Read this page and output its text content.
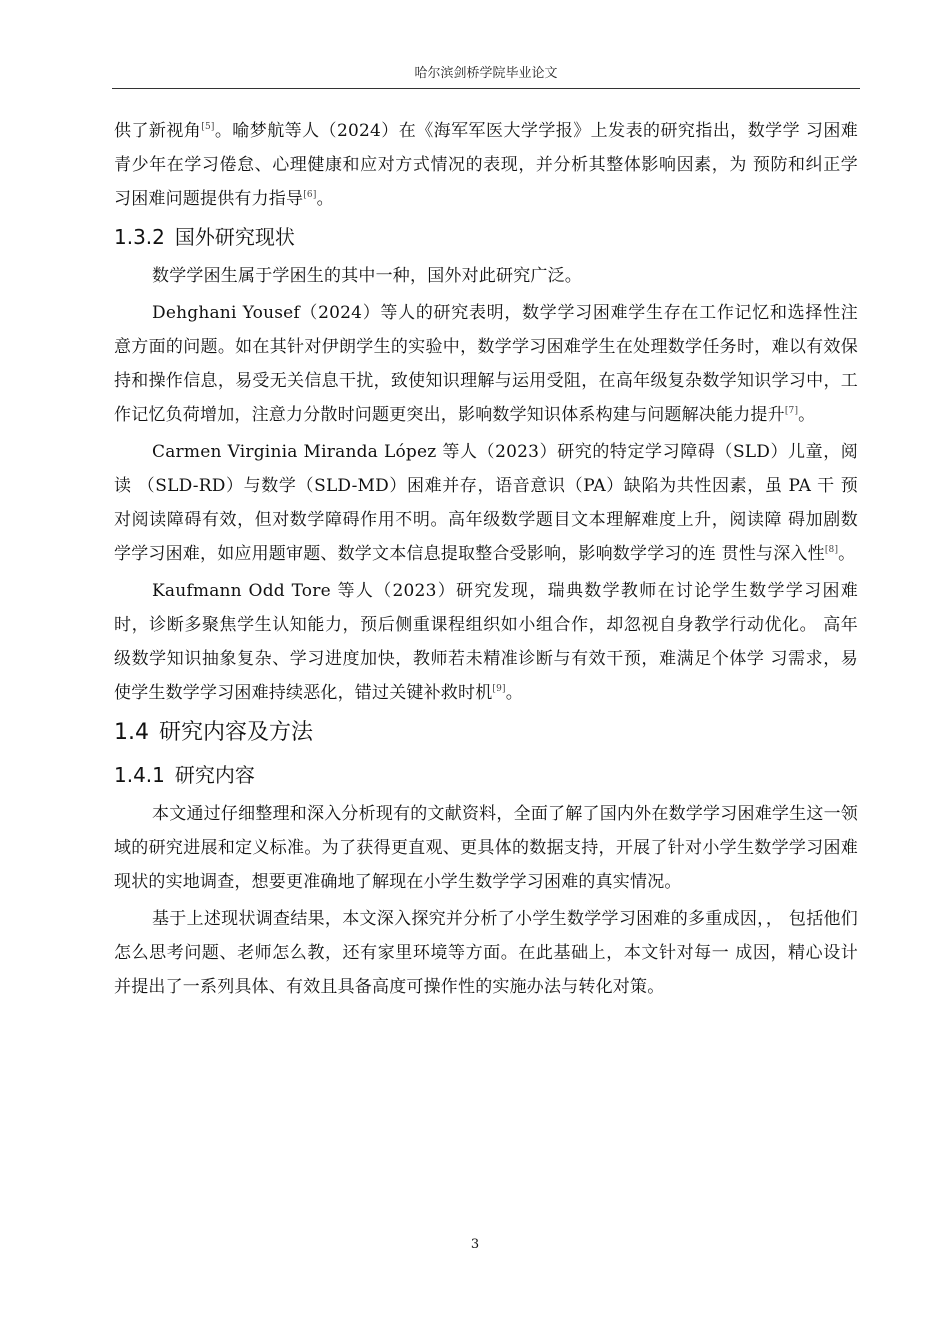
哈尔滨剑桥学院毕业论文

供了新视角[5]。喻梦航等人（2024）在《海军军医大学学报》上发表的研究指出，数学学 习困难青少年在学习倦怠、心理健康和应对方式情况的表现，并分析其整体影响因素，为 预防和纠正学习困难问题提供有力指导[6]。

1.3.2 国外研究现状

数学学困生属于学困生的其中一种，国外对此研究广泛。

Dehghani Yousef（2024）等人的研究表明，数学学习困难学生存在工作记忆和选择性注意方面的问题。如在其针对伊朗学生的实验中，数学学习困难学生在处理数学任务时，难以有效保持和操作信息，易受无关信息干扰，致使知识理解与运用受阻，在高年级复杂数学知识学习中，工作记忆负荷增加，注意力分散时问题更突出，影响数学知识体系构建与问题解决能力提升[7]。

Carmen Virginia Miranda López 等人（2023）研究的特定学习障碍（SLD）儿童，阅读 （SLD-RD）与数学（SLD-MD）困难并存，语音意识（PA）缺陷为共性因素，虽 PA 干 预对阅读障碍有效，但对数学障碍作用不明。高年级数学题目文本理解难度上升，阅读障 碍加剧数学学习困难，如应用题审题、数学文本信息提取整合受影响，影响数学学习的连 贯性与深入性[8]。

Kaufmann Odd Tore 等人（2023）研究发现，瑞典数学教师在讨论学生数学学习困难时，诊断多聚焦学生认知能力，预后侧重课程组织如小组合作，却忽视自身教学行动优化。 高年级数学知识抽象复杂、学习进度加快，教师若未精准诊断与有效干预，难满足个体学 习需求，易使学生数学学习困难持续恶化，错过关键补救时机[9]。

1.4 研究内容及方法
1.4.1 研究内容

本文通过仔细整理和深入分析现有的文献资料，全面了解了国内外在数学学习困难学生这一领域的研究进展和定义标准。为了获得更直观、更具体的数据支持，开展了针对小学生数学学习困难现状的实地调查，想要更准确地了解现在小学生数学学习困难的真实情况。

基于上述现状调查结果，本文深入探究并分析了小学生数学学习困难的多重成因，， 包括他们怎么思考问题、老师怎么教，还有家里环境等方面。在此基础上，本文针对每一 成因，精心设计并提出了一系列具体、有效且具备高度可操作性的实施办法与转化对策。

3
